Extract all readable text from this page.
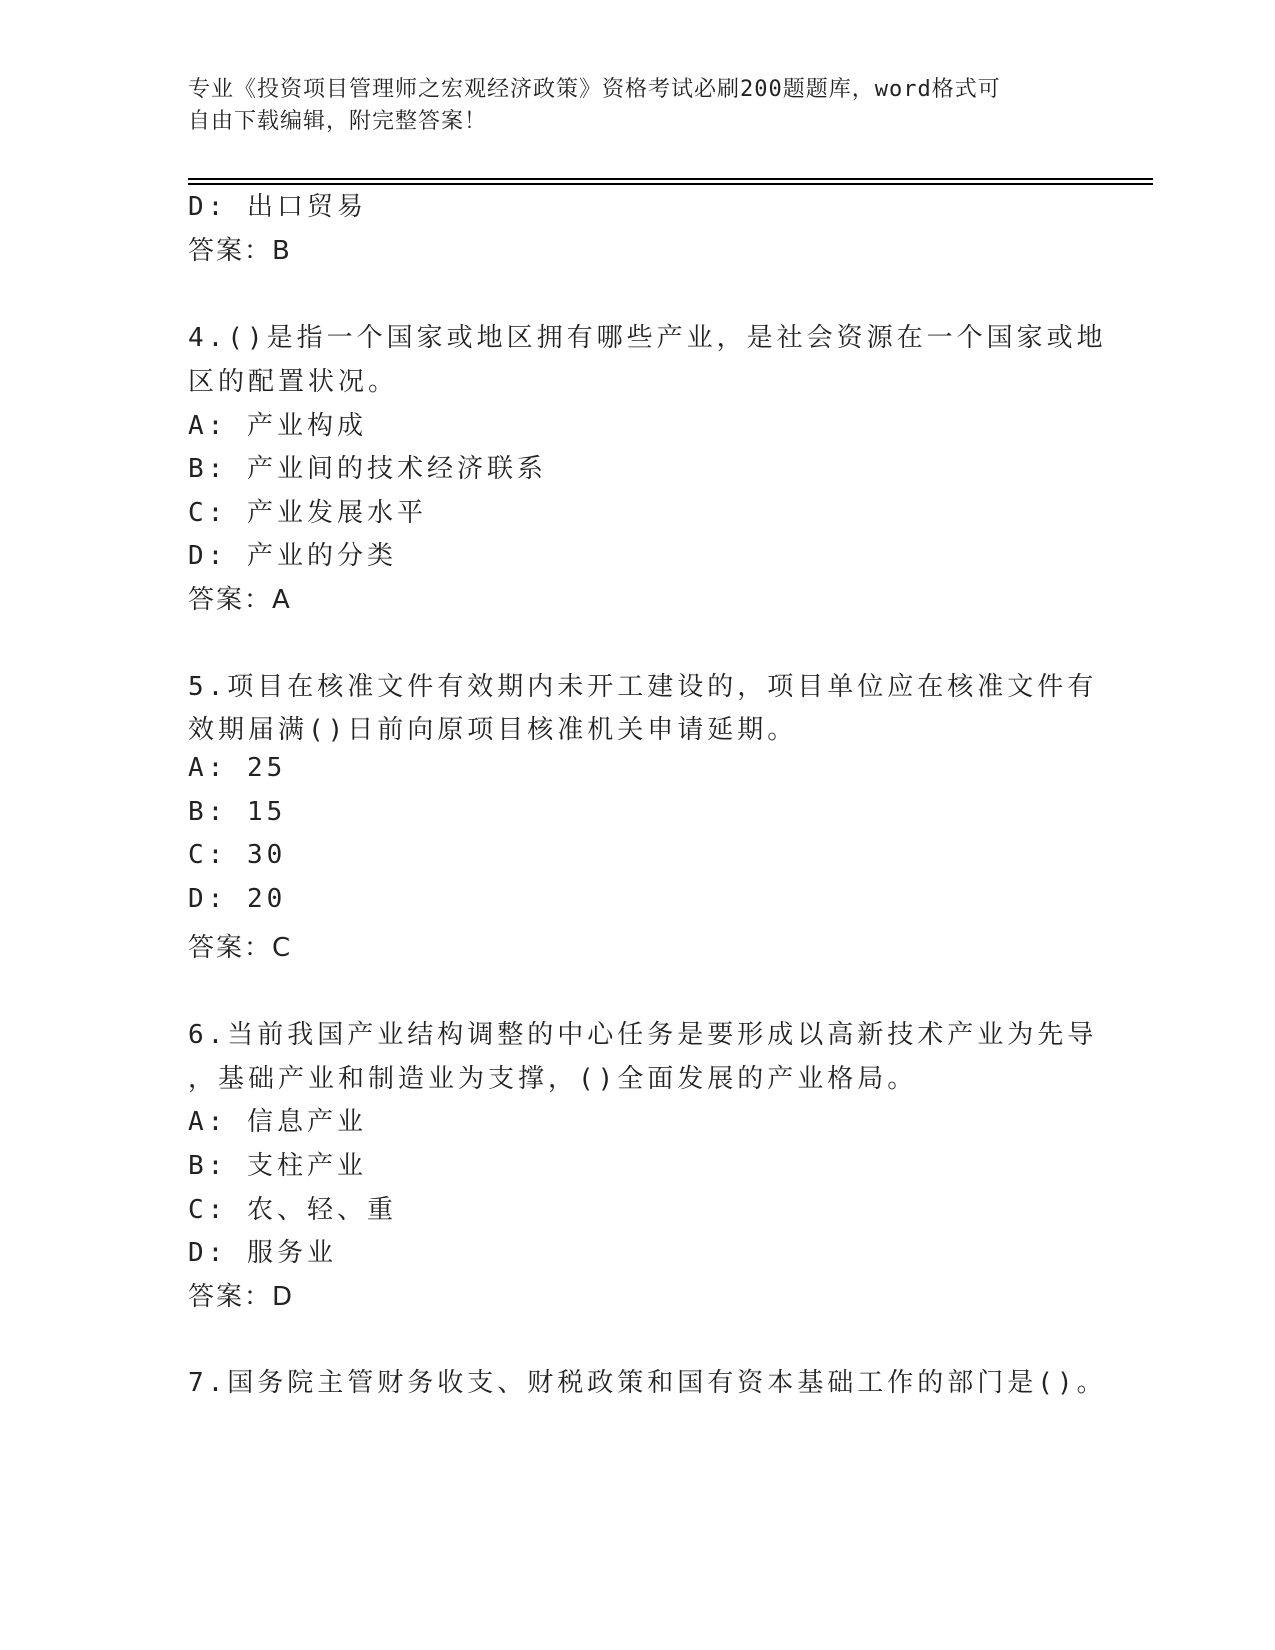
专业《投资项目管理师之宏观经济政策》资格考试必刷200题题库，word格式可
自由下载编辑，附完整答案！
D: 出口贸易
答案：B
4.()是指一个国家或地区拥有哪些产业，是社会资源在一个国家或地
区的配置状况。
A: 产业构成
B: 产业间的技术经济联系
C: 产业发展水平
D: 产业的分类
答案：A
5.项目在核准文件有效期内未开工建设的，项目单位应在核准文件有
效期届满()日前向原项目核准机关申请延期。
A: 25
B: 15
C: 30
D: 20
答案：C
6.当前我国产业结构调整的中心任务是要形成以高新技术产业为先导
，基础产业和制造业为支撑，()全面发展的产业格局。
A: 信息产业
B: 支柱产业
C: 农、轻、重
D: 服务业
答案：D
7.国务院主管财务收支、财税政策和国有资本基础工作的部门是()。
